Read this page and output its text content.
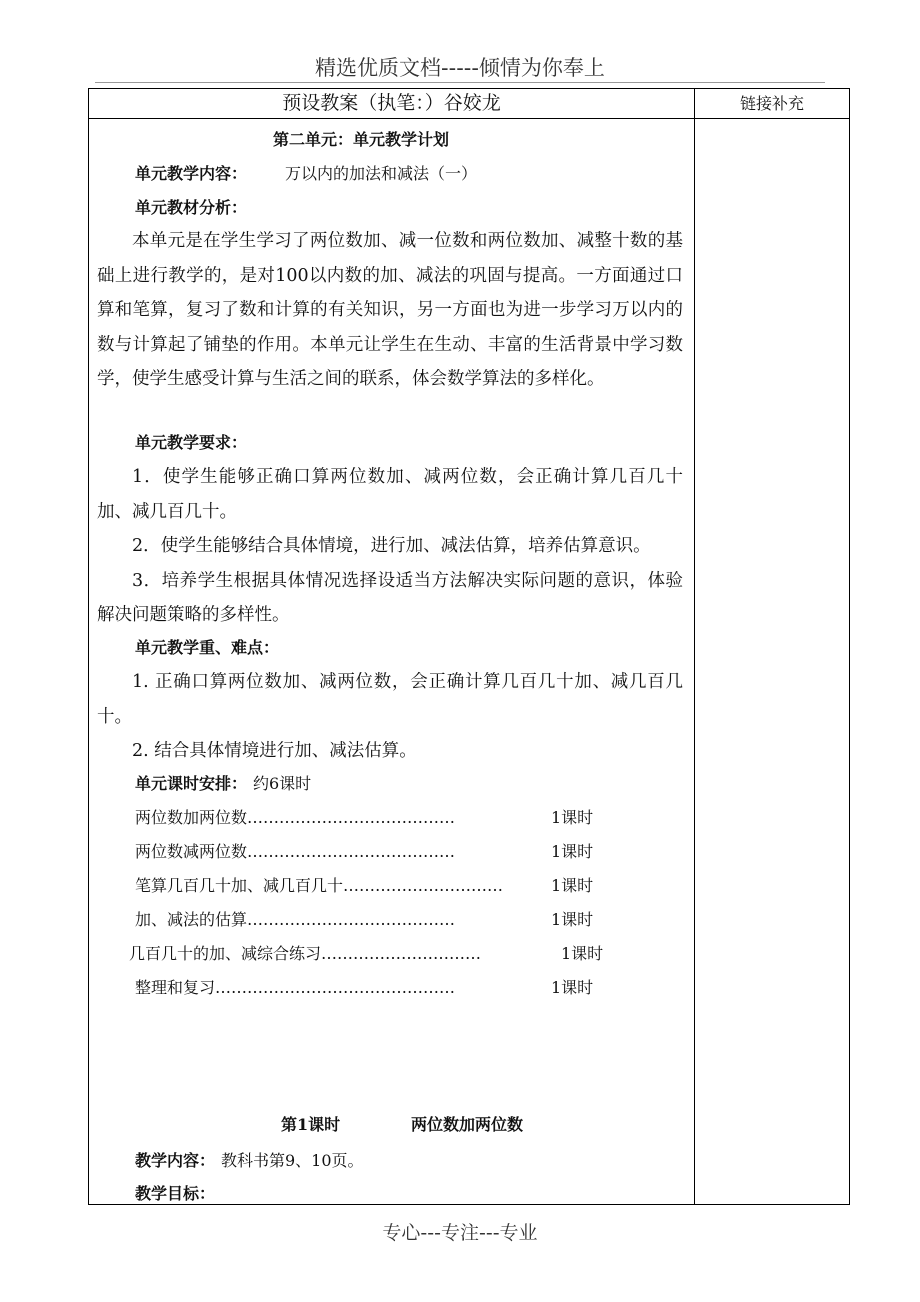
精选优质文档-----倾情为你奉上
预设教案（执笔：）谷姣龙	链接补充
第二单元：单元教学计划
单元教学内容： 万以内的加法和减法（一）
单元教材分析：

本单元是在学生学习了两位数加、减一位数和两位数加、减整十数的基础上进行教学的，是对100以内数的加、减法的巩固与提高。一方面通过口算和笔算，复习了数和计算的有关知识，另一方面也为进一步学习万以内的数与计算起了铺垫的作用。本单元让学生在生动、丰富的生活背景中学习数学，使学生感受计算与生活之间的联系，体会数学算法的多样化。

单元教学要求：

1．使学生能够正确口算两位数加、减两位数，会正确计算几百几十加、减几百几十。

2．使学生能够结合具体情境，进行加、减法估算，培养估算意识。

3．培养学生根据具体情况选择设适当方法解决实际问题的意识，体验解决问题策略的多样性。

单元教学重、难点：

1. 正确口算两位数加、减两位数，会正确计算几百几十加、减几百几十。

2. 结合具体情境进行加、减法估算。

单元课时安排： 约6课时
两位数加两位数…………………………………	1课时
两位数减两位数…………………………………	1课时
笔算几百几十加、减几百几十…………………………	1课时
加、减法的估算…………………………………	1课时
几百几十的加、减综合练习…………………………	1课时
整理和复习………………………………………	1课时
第1课时	两位数加两位数
教学内容： 教科书第9、10页。
教学目标：
专心---专注---专业
